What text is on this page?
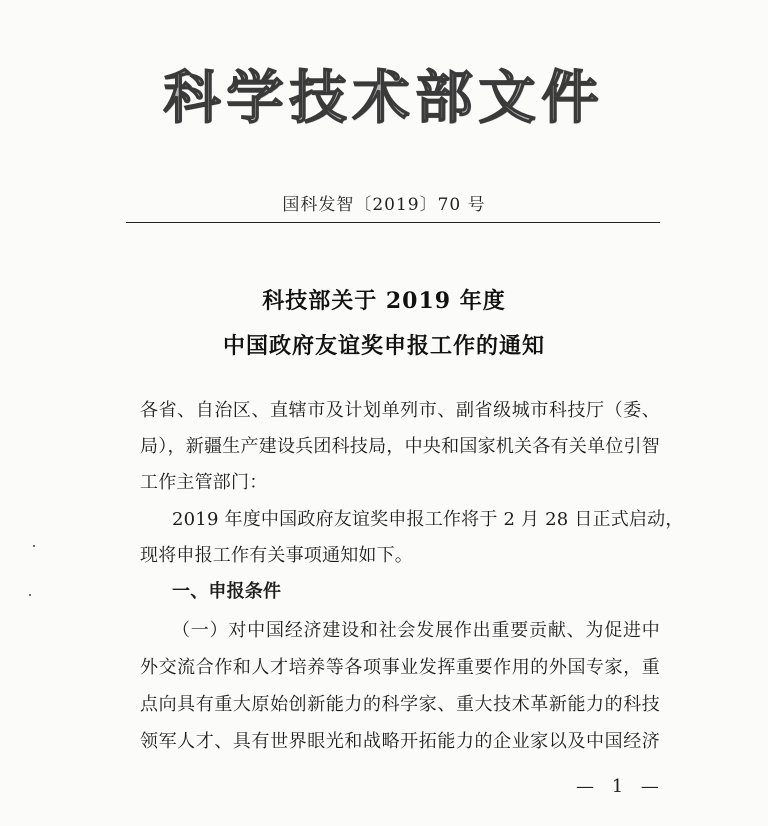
科学技术部文件
国科发智〔2019〕70 号
科技部关于 2019 年度
中国政府友谊奖申报工作的通知
各省、自治区、直辖市及计划单列市、副省级城市科技厅（委、
局），新疆生产建设兵团科技局，中央和国家机关各有关单位引智
工作主管部门：
2019 年度中国政府友谊奖申报工作将于 2 月 28 日正式启动，
现将申报工作有关事项通知如下。
一、申报条件
（一）对中国经济建设和社会发展作出重要贡献、为促进中
外交流合作和人才培养等各项事业发挥重要作用的外国专家，重
点向具有重大原始创新能力的科学家、重大技术革新能力的科技
领军人才、具有世界眼光和战略开拓能力的企业家以及中国经济
— 1 —
